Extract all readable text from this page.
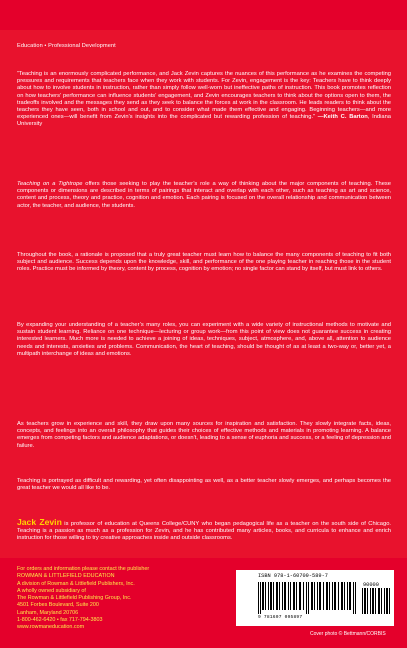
Education • Professional Development

“Teaching is an enormously complicated performance, and Jack Zevin captures the nuances of this performance as he examines the competing pressures and requirements that teachers face when they work with students. For Zevin, engagement is the key: Teachers have to think deeply about how to involve students in instruction, rather than simply follow well-worn but ineffective paths of instruction. This book promotes reflection on how teachers’ performance can influence students’ engagement, and Zevin encourages teachers to think about the options open to them, the tradeoffs involved and the messages they send as they seek to balance the forces at work in the classroom. He leads readers to think about the teachers they have seen, both in school and out, and to consider what made them effective and engaging. Beginning teachers—and more experienced ones—will benefit from Zevin’s insights into the complicated but rewarding profession of teaching.” —Keith C. Barton, Indiana University

Teaching on a Tightrope offers those seeking to play the teacher’s role a way of thinking about the major components of teaching. These components or dimensions are described in terms of pairings that interact and overlap with each other, such as teaching as art and science, content and process, theory and practice, cognition and emotion. Each pairing is focused on the overall relationship and communication between actor, the teacher, and audience, the students.

Throughout the book, a rationale is proposed that a truly great teacher must learn how to balance the many components of teaching to fit both subject and audience. Success depends upon the knowledge, skill, and performance of the one playing teacher in reaching those in the student roles. Practice must be informed by theory, content by process, cognition by emotion; no single factor can stand by itself, but must link to others.

By expanding your understanding of a teacher’s many roles, you can experiment with a wide variety of instructional methods to motivate and sustain student learning. Reliance on one technique—lecturing or group work—from this point of view does not guarantee success in creating interested learners. Much more is needed to achieve a joining of ideas, techniques, subject, atmosphere, and, above all, attention to audience needs and interests, anxieties and problems. Communication, the heart of teaching, should be thought of as at least a two-way or, better yet, a multipath interchange of ideas and emotions.

As teachers grow in experience and skill, they draw upon many sources for inspiration and satisfaction. They slowly integrate facts, ideas, concepts, and feelings into an overall philosophy that guides their choices of effective methods and materials in promoting learning. A balance emerges from competing factors and audience adaptations, or doesn’t, leading to a sense of euphoria and success, or a feeling of depression and failure.

Teaching is portrayed as difficult and rewarding, yet often disappointing as well, as a better teacher slowly emerges, and perhaps becomes the great teacher we would all like to be.

Jack Zevin is professor of education at Queens College/CUNY who began pedagogical life as a teacher on the south side of Chicago. Teaching is a passion as much as a profession for Zevin, and he has contributed many articles, books, and curricula to enhance and enrich instruction for those willing to try creative approaches inside and outside classrooms.

For orders and information please contact the publisher
ROWMAN & LITTLEFIELD EDUCATION
A division of Rowman & Littlefield Publishers, Inc.
A wholly owned subsidiary of
The Rowman & Littlefield Publishing Group, Inc.
4501 Forbes Boulevard, Suite 200
Lanham, Maryland 20706
1-800-462-6420 • fax 717-794-3803
www.rowmaneducation.com
ISBN 978-1-60709-589-7
90000
9 781607 095897
Cover photo © Bettmann/CORBIS
